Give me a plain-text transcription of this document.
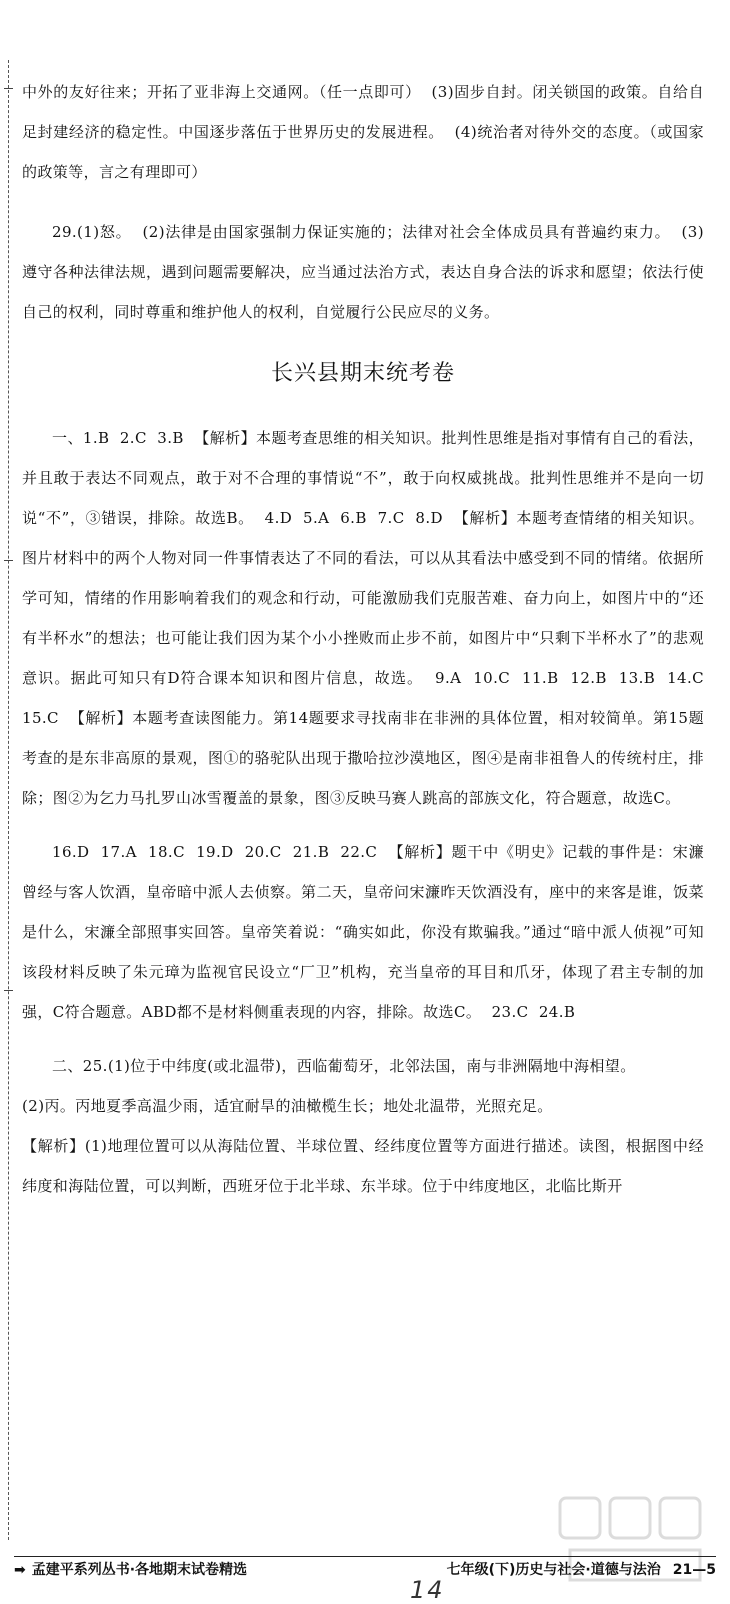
中外的友好往来；开拓了亚非海上交通网。（任一点即可）  (3)固步自封。闭关锁国的政策。自给自足封建经济的稳定性。中国逐步落伍于世界历史的发展进程。  (4)统治者对待外交的态度。（或国家的政策等，言之有理即可）

29.(1)怒。  (2)法律是由国家强制力保证实施的；法律对社会全体成员具有普遍约束力。  (3)遵守各种法律法规，遇到问题需要解决，应当通过法治方式，表达自身合法的诉求和愿望；依法行使自己的权利，同时尊重和维护他人的权利，自觉履行公民应尽的义务。

长兴县期末统考卷

一、1.B  2.C  3.B  【解析】本题考查思维的相关知识。批判性思维是指对事情有自己的看法，并且敢于表达不同观点，敢于对不合理的事情说“不”，敢于向权威挑战。批判性思维并不是向一切说“不”，③错误，排除。故选B。  4.D  5.A  6.B  7.C  8.D  【解析】本题考查情绪的相关知识。图片材料中的两个人物对同一件事情表达了不同的看法，可以从其看法中感受到不同的情绪。依据所学可知，情绪的作用影响着我们的观念和行动，可能激励我们克服苦难、奋力向上，如图片中的“还有半杯水”的想法；也可能让我们因为某个小小挫败而止步不前，如图片中“只剩下半杯水了”的悲观意识。据此可知只有D符合课本知识和图片信息，故选。  9.A  10.C  11.B  12.B  13.B  14.C  15.C  【解析】本题考查读图能力。第14题要求寻找南非在非洲的具体位置，相对较简单。第15题考查的是东非高原的景观，图①的骆驼队出现于撒哈拉沙漠地区，图④是南非祖鲁人的传统村庄，排除；图②为乞力马扎罗山冰雪覆盖的景象，图③反映马赛人跳高的部族文化，符合题意，故选C。

16.D  17.A  18.C  19.D  20.C  21.B  22.C  【解析】题干中《明史》记载的事件是：宋濂曾经与客人饮酒，皇帝暗中派人去侦察。第二天，皇帝问宋濂昨天饮酒没有，座中的来客是谁，饭菜是什么，宋濂全部照事实回答。皇帝笑着说：“确实如此，你没有欺骗我。”通过“暗中派人侦视”可知该段材料反映了朱元璋为监视官民设立“厂卫”机构，充当皇帝的耳目和爪牙，体现了君主专制的加强，C符合题意。ABD都不是材料侧重表现的内容，排除。故选C。  23.C  24.B

二、25.(1)位于中纬度(或北温带)，西临葡萄牙，北邻法国，南与非洲隔地中海相望。

(2)丙。丙地夏季高温少雨，适宜耐旱的油橄榄生长；地处北温带，光照充足。

【解析】(1)地理位置可以从海陆位置、半球位置、经纬度位置等方面进行描述。读图，根据图中经纬度和海陆位置，可以判断，西班牙位于北半球、东半球。位于中纬度地区，北临比斯开

14
➡ 孟建平系列丛书·各地期末试卷精选	七年级(下)历史与社会·道德与法治 21—5
